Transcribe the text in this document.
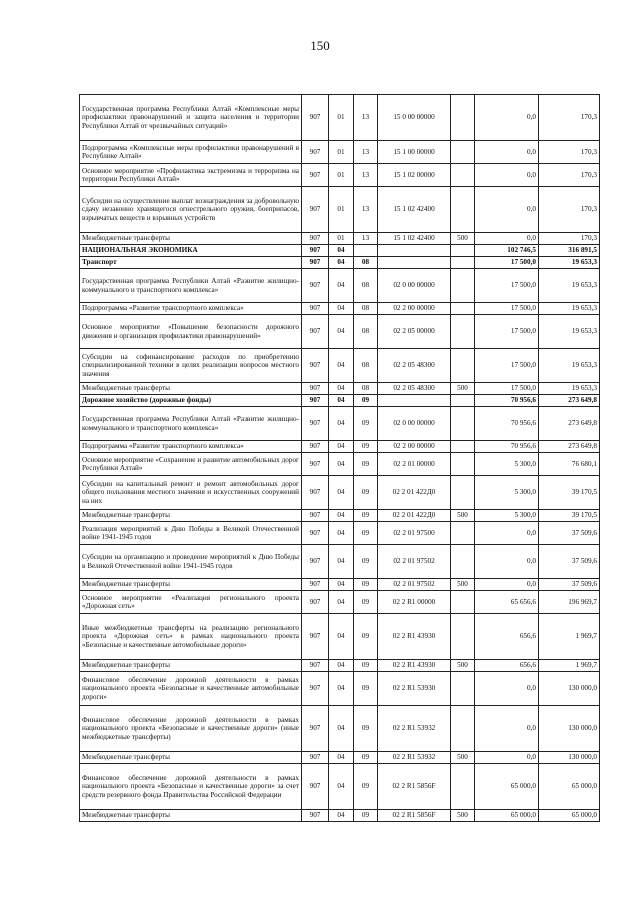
150
Государственная программа Республики Алтай «Комплексные меры профилактики правонарушений и защита населения и территории Республики Алтай от чрезвычайных ситуаций»	907	01	13	15 0 00 00000		0,0	170,3
Подпрограмма «Комплексные меры профилактики правонарушений в Республике Алтай»	907	01	13	15 1 00 00000		0,0	170,3
Основное мероприятие «Профилактика экстремизма и терроризма на территории Республики Алтай»	907	01	13	15 1 02 00000		0,0	170,3
Субсидии на осуществление выплат вознаграждения за добровольную сдачу незаконно хранящегося огнестрельного оружия, боеприпасов, взрывчатых веществ и взрывных устройств	907	01	13	15 1 02 42400		0,0	170,3
Межбюджетные трансферты	907	01	13	15 1 02 42400	500	0,0	170,3
НАЦИОНАЛЬНАЯ ЭКОНОМИКА	907	04				102 746,5	316 891,5
Транспорт	907	04	08			17 500,0	19 653,3
Государственная программа Республики Алтай «Развитие жилищно-коммунального и транспортного комплекса»	907	04	08	02 0 00 00000		17 500,0	19 653,3
Подпрограмма «Развитие транспортного комплекса»	907	04	08	02 2 00 00000		17 500,0	19 653,3
Основное мероприятие «Повышение безопасности дорожного движения и организация профилактики правонарушений»	907	04	08	02 2 05 00000		17 500,0	19 653,3
Субсидии на софинансирование расходов по приобретению специализированной техники в целях реализации вопросов местного значения	907	04	08	02 2 05 48300		17 500,0	19 653,3
Межбюджетные трансферты	907	04	08	02 2 05 48300	500	17 500,0	19 653,3
Дорожное хозяйство (дорожные фонды)	907	04	09			70 956,6	273 649,8
Государственная программа Республики Алтай «Развитие жилищно-коммунального и транспортного комплекса»	907	04	09	02 0 00 00000		70 956,6	273 649,8
Подпрограмма «Развитие транспортного комплекса»	907	04	09	02 2 00 00000		70 956,6	273 649,8
Основное мероприятие «Сохранение и развитие автомобильных дорог Республики Алтай»	907	04	09	02 2 01 00000		5 300,0	76 680,1
Субсидии на капитальный ремонт и ремонт автомобильных дорог общего пользования местного значения и искусственных сооружений на них	907	04	09	02 2 01 422Д0		5 300,0	39 170,5
Межбюджетные трансферты	907	04	09	02 2 01 422Д0	500	5 300,0	39 170,5
Реализация мероприятий к Дню Победы в Великой Отечественной войне 1941-1945 годов	907	04	09	02 2 01 97500		0,0	37 509,6
Субсидии на организацию и проведение мероприятий к Дню Победы в Великой Отечественной войне 1941-1945 годов	907	04	09	02 2 01 97502		0,0	37 509,6
Межбюджетные трансферты	907	04	09	02 2 01 97502	500	0,0	37 509,6
Основное мероприятие «Реализация регионального проекта «Дорожная сеть»	907	04	09	02 2 R1 00000		65 656,6	196 969,7
Иные межбюджетные трансферты на реализацию регионального проекта «Дорожная сеть» в рамках национального проекта «Безопасные и качественные автомобильные дороги»	907	04	09	02 2 R1 43930		656,6	1 969,7
Межбюджетные трансферты	907	04	09	02 2 R1 43930	500	656,6	1 969,7
Финансовое обеспечение дорожной деятельности в рамках национального проекта «Безопасные и качественные автомобильные дороги»	907	04	09	02 2 R1 53930		0,0	130 000,0
Финансовое обеспечение дорожной деятельности в рамках национального проекта «Безопасные и качественные дороги» (иные межбюджетные трансферты)	907	04	09	02 2 R1 53932		0,0	130 000,0
Межбюджетные трансферты	907	04	09	02 2 R1 53932	500	0,0	130 000,0
Финансовое обеспечение дорожной деятельности в рамках национального проекта «Безопасные и качественные дороги» за счет средств резервного фонда Правительства Российской Федерации	907	04	09	02 2 R1 5856F		65 000,0	65 000,0
Межбюджетные трансферты	907	04	09	02 2 R1 5856F	500	65 000,0	65 000,0
